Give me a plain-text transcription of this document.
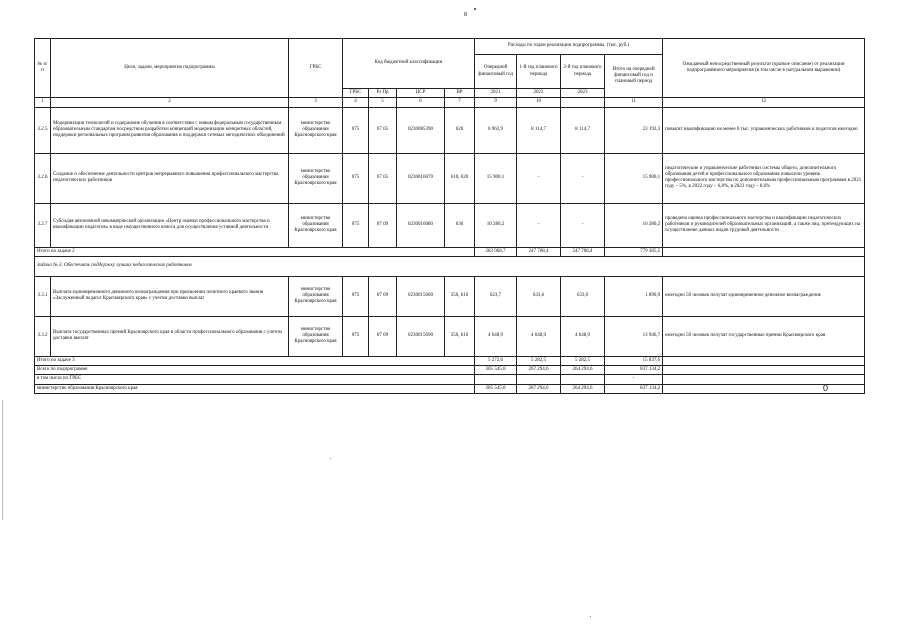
8
№ п/п	Цели, задачи, мероприятия подпрограммы	ГРБС	Код бюджетной классификации				Расходы по годам реализации подпрограммы, (тыс. руб.)				Ожидаемый непосредственный результат (краткое описание) от реализации подпрограммного мероприятия (в том числе в натуральном выражении)
							Очередной финансовый год	1-й год планового периода	2-й год планового периода	Итого на очередной финансовый год и плановый период	
			ГРБС	Рз Пр	ЦСР	ВР	2021	2022	2023		
1	2	3	4	5	6	7	9	10		11	12
3.2.5	Модернизация технологий и содержание обучения в соответствии с новым федеральным государственным образовательным стандартом посредством разработки концепций модернизации конкретных областей, поддержки региональных программ развития образования и поддержки сетевых методических объединений	министерство образования Красноярского края	075	07 05	0230085390	620	6 962,9	8 114,7	8 114,7	23 192,3	повысят квалификацию не менее 6 тыс. управленческих работников и педагогов ежегодно
3.2.6	Создание и обеспечение деятельности центров непрерывного повышения профессионального мастерства педагогических работников	министерство образования Красноярского края	075	07 05	0230016070	610, 620	15 900,1	-	-	15 900,1	педагогические и управленческие работники системы общего, дополнительного образования детей и профессионального образования повысили уровень профессионального мастерства по дополнительным профессиональным программам в 2021 году – 5%, в 2022 году – 6,8%, в 2023 году – 8,6%
3.2.7	Субсидия автономной некоммерческой организации «Центр оценки профессионального мастерства и квалификации педагогов» в виде имущественного взноса для осуществления уставной деятельности	министерство образования Красноярского края	075	07 09	0230016080	630	10 280,2	-	-	10 280,2	проведена оценка профессионального мастерства и квалификации педагогических работников и руководителей образовательных организаций, а также лиц, претендующих на осуществление данных видов трудовой деятельности
Итого по задаче 2							283 968,7	247 708,4	247 708,4	779 385,5	
Задача № 3. Обеспечить поддержку лучших педагогических работников											
3.3.1	Выплата единовременного денежного вознаграждения при присвоении почетного краевого звания «Заслуженный педагог Красноярского края» с учетом доставки выплат	министерство образования Красноярского края	075	07 09	0230015660	350, 610	623,7	633,6	633,6	1 890,9	ежегодно 50 человек получат единовременное денежное вознаграждение
3.3.2	Выплата государственных премий Красноярского края в области профессионального образования с учетом доставки выплат	министерство образования Красноярского края	075	07 09	0230015690	350, 610	4 648,9	4 648,9	4 648,9	13 946,7	ежегодно 50 человек получат государственные премии Красноярского края
Итого по задаче 3							5 272,6	5 282,5	5 282,5	15 837,6	
Всего по подпрограмме							305 545,0	267 294,6	264 294,6	837 134,2	
в том числе по ГРБС										-	
министерство образования Красноярского края							305 545,0	267 294,6	264 294,6	837 134,2		0
